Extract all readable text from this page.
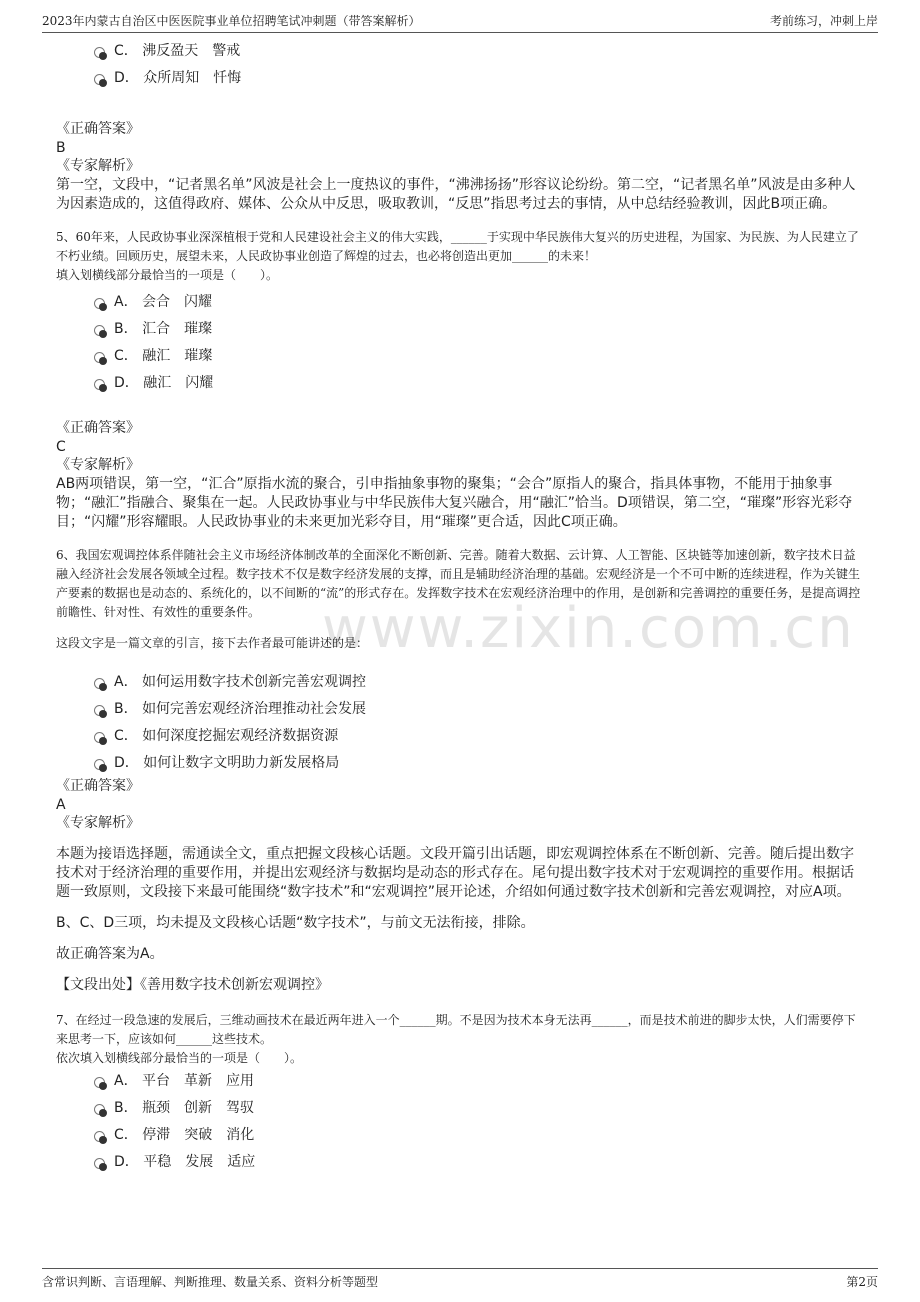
2023年内蒙古自治区中医医院事业单位招聘笔试冲刺题（带答案解析）	考前练习，冲刺上岸
www.zixin.com.cn
C． 沸反盈天　警戒
D． 众所周知　忏悔
《正确答案》
B
《专家解析》
第一空，文段中，“记者黑名单”风波是社会上一度热议的事件，“沸沸扬扬”形容议论纷纷。第二空，“记者黑名单”风波是由多种人为因素造成的，这值得政府、媒体、公众从中反思，吸取教训，“反思”指思考过去的事情，从中总结经验教训，因此B项正确。
5、60年来，人民政协事业深深植根于党和人民建设社会主义的伟大实践，______于实现中华民族伟大复兴的历史进程，为国家、为民族、为人民建立了不朽业绩。回顾历史，展望未来，人民政协事业创造了辉煌的过去，也必将创造出更加______的未来！
填入划横线部分最恰当的一项是（　　）。
A． 会合　闪耀
B． 汇合　璀璨
C． 融汇　璀璨
D． 融汇　闪耀
《正确答案》
C
《专家解析》
AB两项错误，第一空，“汇合”原指水流的聚合，引申指抽象事物的聚集；“会合”原指人的聚合，指具体事物，不能用于抽象事物；“融汇”指融合、聚集在一起。人民政协事业与中华民族伟大复兴融合，用“融汇”恰当。D项错误，第二空，“璀璨”形容光彩夺目；“闪耀”形容耀眼。人民政协事业的未来更加光彩夺目，用“璀璨”更合适，因此C项正确。
6、我国宏观调控体系伴随社会主义市场经济体制改革的全面深化不断创新、完善。随着大数据、云计算、人工智能、区块链等加速创新，数字技术日益融入经济社会发展各领域全过程。数字技术不仅是数字经济发展的支撑，而且是辅助经济治理的基础。宏观经济是一个不可中断的连续进程，作为关键生产要素的数据也是动态的、系统化的，以不间断的“流”的形式存在。发挥数字技术在宏观经济治理中的作用，是创新和完善调控的重要任务，是提高调控前瞻性、针对性、有效性的重要条件。
这段文字是一篇文章的引言，接下去作者最可能讲述的是：
A． 如何运用数字技术创新完善宏观调控
B． 如何完善宏观经济治理推动社会发展
C． 如何深度挖掘宏观经济数据资源
D． 如何让数字文明助力新发展格局
《正确答案》
A
《专家解析》
本题为接语选择题，需通读全文，重点把握文段核心话题。文段开篇引出话题，即宏观调控体系在不断创新、完善。随后提出数字技术对于经济治理的重要作用，并提出宏观经济与数据均是动态的形式存在。尾句提出数字技术对于宏观调控的重要作用。根据话题一致原则，文段接下来最可能围绕“数字技术”和“宏观调控”展开论述，介绍如何通过数字技术创新和完善宏观调控，对应A项。
B、C、D三项，均未提及文段核心话题“数字技术”，与前文无法衔接，排除。
故正确答案为A。
【文段出处】《善用数字技术创新宏观调控》
7、在经过一段急速的发展后，三维动画技术在最近两年进入一个______期。不是因为技术本身无法再______，而是技术前进的脚步太快，人们需要停下来思考一下，应该如何______这些技术。
依次填入划横线部分最恰当的一项是（　　）。
A． 平台　革新　应用
B． 瓶颈　创新　驾驭
C． 停滞　突破　消化
D． 平稳　发展　适应
含常识判断、言语理解、判断推理、数量关系、资料分析等题型	第2页
